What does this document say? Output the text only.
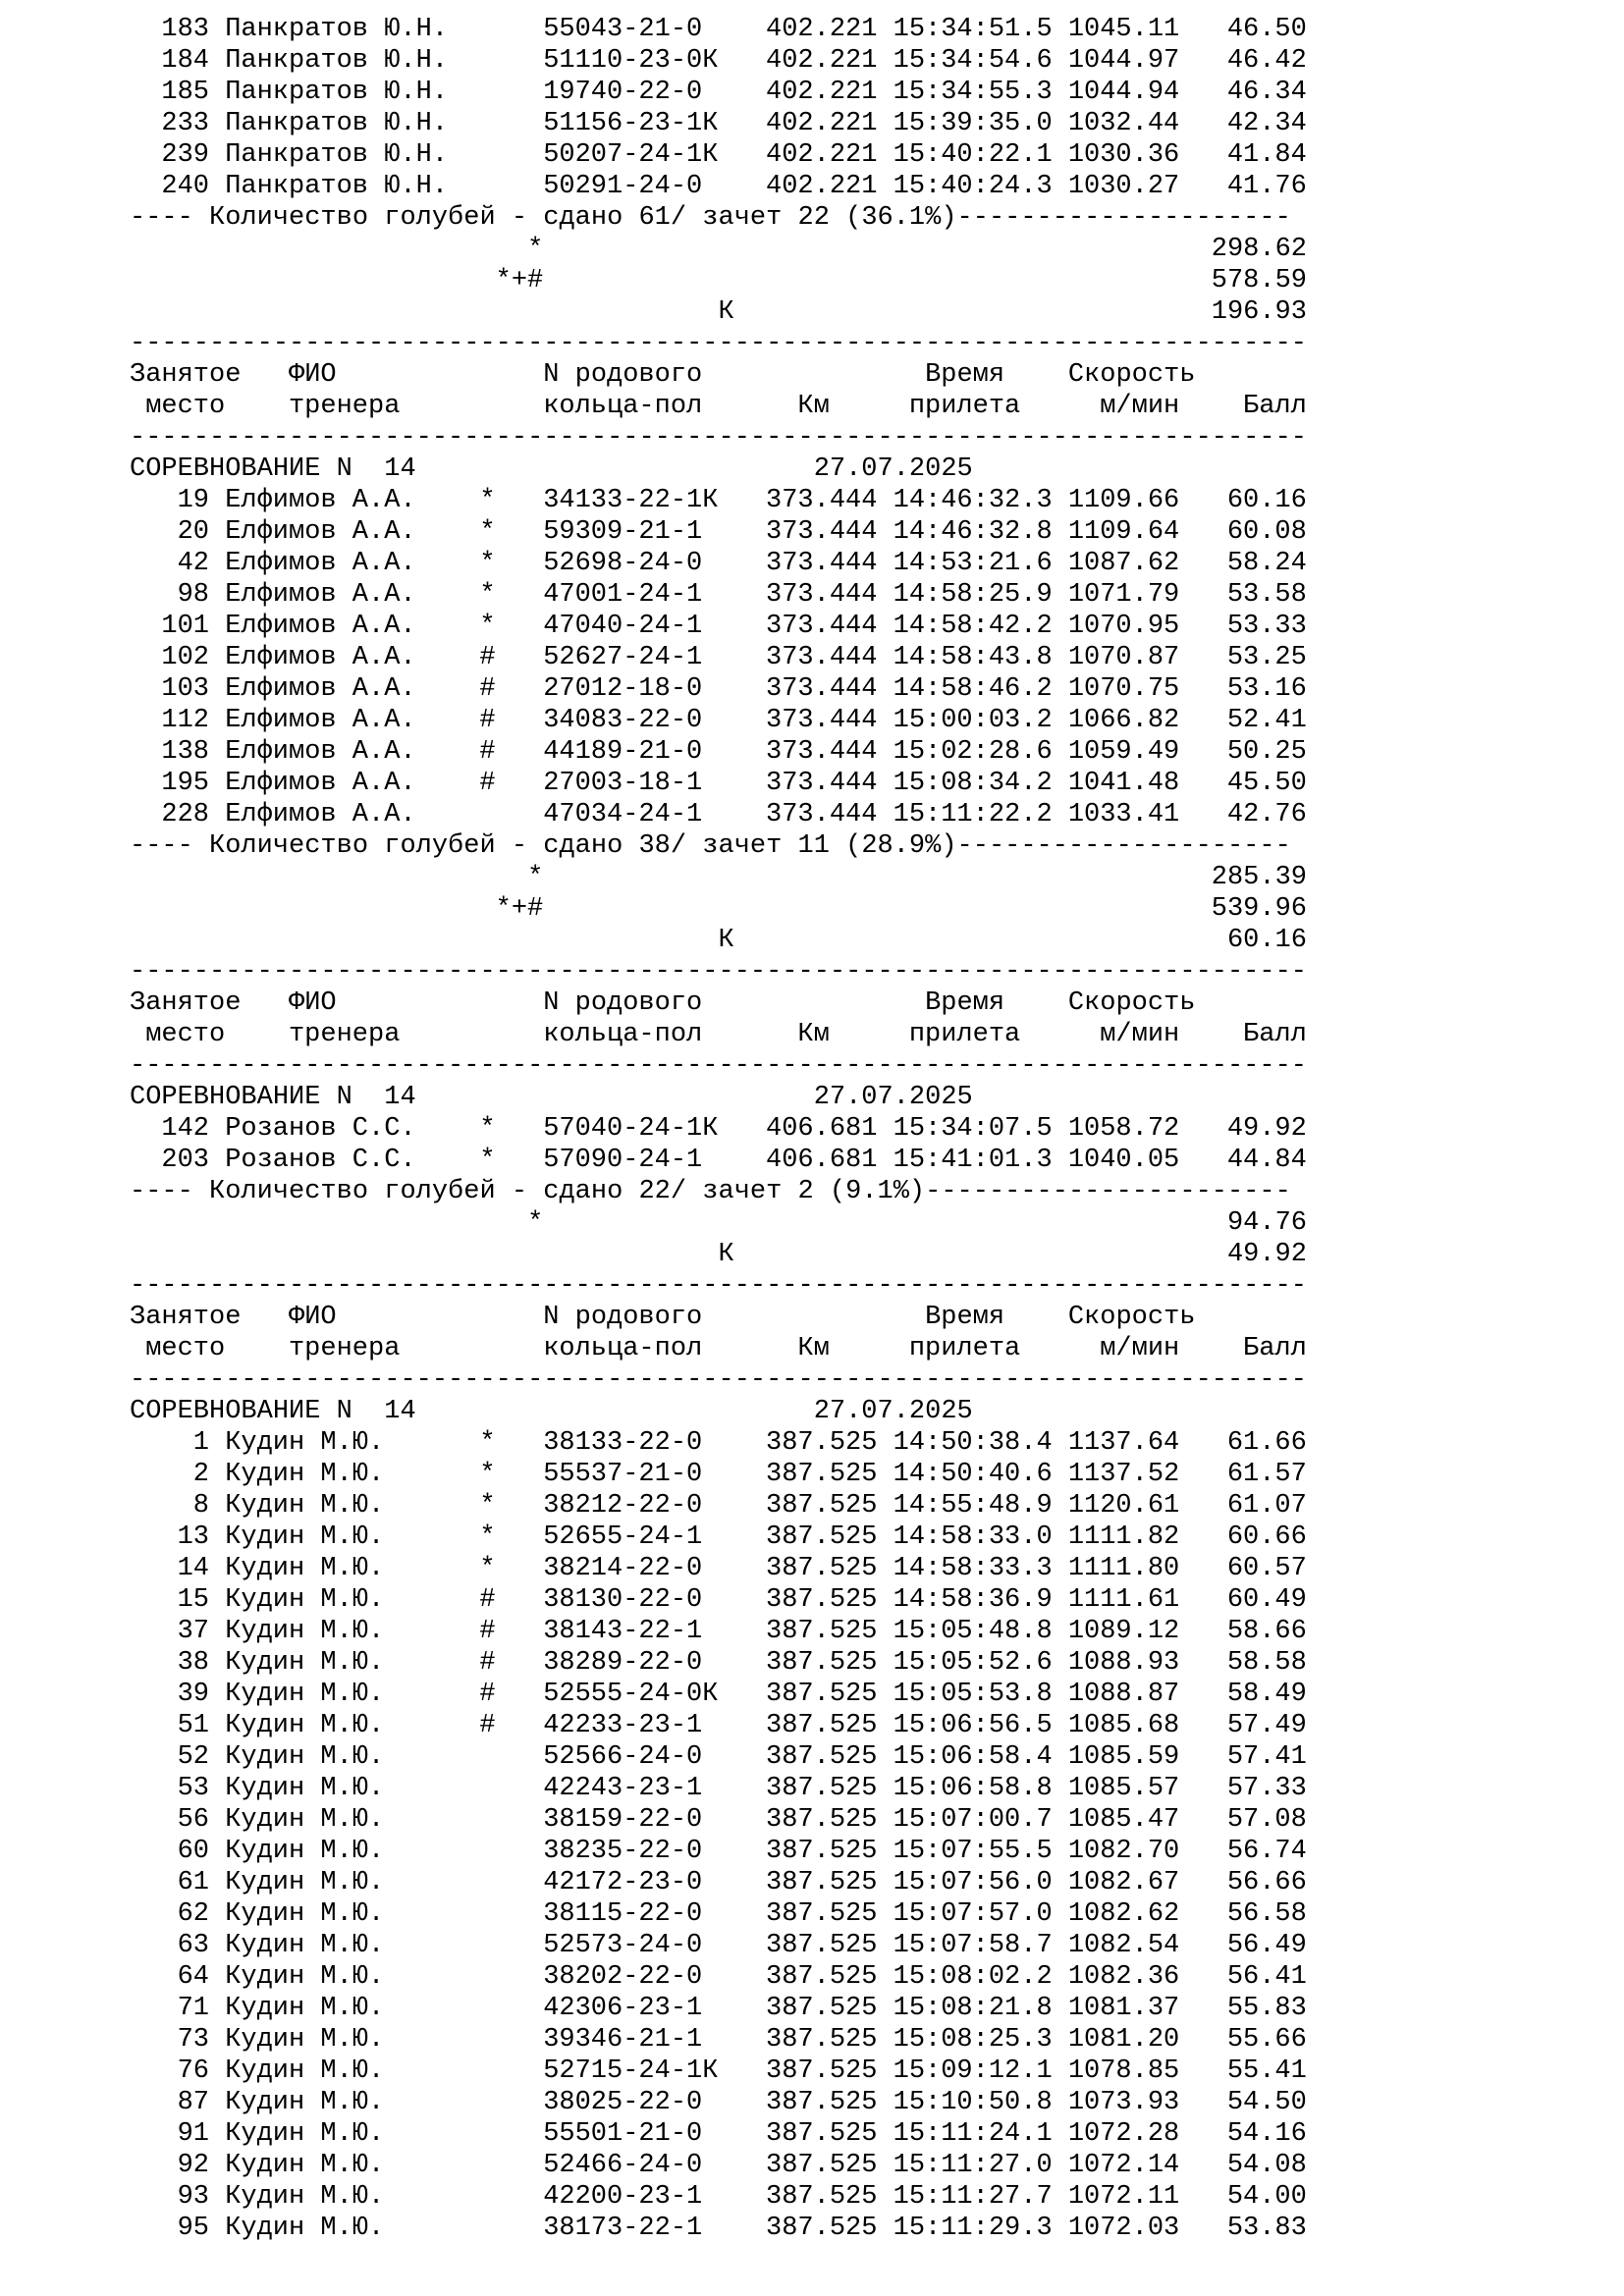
183 Панкратов Ю.Н.	55043-21-0 402.221 15:34:51.5 1045.11 46.50
184 Панкратов Ю.Н.	51110-23-0К 402.221 15:34:54.6 1044.97 46.42
185 Панкратов Ю.Н.	19740-22-0 402.221 15:34:55.3 1044.94 46.34
233 Панкратов Ю.Н.	51156-23-1К 402.221 15:39:35.0 1032.44 42.34
239 Панкратов Ю.Н.	50207-24-1К 402.221 15:40:22.1 1030.36 41.84
240 Панкратов Ю.Н.	50291-24-0 402.221 15:40:24.3 1030.27 41.76
---- Количество голубей - сдано 61/ зачет 22 (36.1%)---------------------
*	298.62
*+#	578.59
К	196.93
--------------------------------------------------------------------------
Занятое ФИО	N родового	Время Скорость
место тренера	кольца-пол	Км	прилета	м/мин Балл
--------------------------------------------------------------------------
СОРЕВНОВАНИЕ N  14	27.07.2025
19 Елфимов А.А. * 34133-22-1К 373.444 14:46:32.3 1109.66 60.16
20 Елфимов А.А. * 59309-21-1 373.444 14:46:32.8 1109.64 60.08
42 Елфимов А.А. * 52698-24-0 373.444 14:53:21.6 1087.62 58.24
98 Елфимов А.А. * 47001-24-1 373.444 14:58:25.9 1071.79 53.58
101 Елфимов А.А. * 47040-24-1 373.444 14:58:42.2 1070.95 53.33
102 Елфимов А.А. # 52627-24-1 373.444 14:58:43.8 1070.87 53.25
103 Елфимов А.А. # 27012-18-0 373.444 14:58:46.2 1070.75 53.16
112 Елфимов А.А. # 34083-22-0 373.444 15:00:03.2 1066.82 52.41
138 Елфимов А.А. # 44189-21-0 373.444 15:02:28.6 1059.49 50.25
195 Елфимов А.А. # 27003-18-1 373.444 15:08:34.2 1041.48 45.50
228 Елфимов А.А.	47034-24-1 373.444 15:11:22.2 1033.41 42.76
---- Количество голубей - сдано 38/ зачет 11 (28.9%)---------------------
*	285.39
*+#	539.96
К	60.16
--------------------------------------------------------------------------
Занятое ФИО	N родового	Время Скорость
место тренера	кольца-пол	Км	прилета	м/мин Балл
--------------------------------------------------------------------------
СОРЕВНОВАНИЕ N  14	27.07.2025
142 Розанов С.С. * 57040-24-1К 406.681 15:34:07.5 1058.72 49.92
203 Розанов С.С. * 57090-24-1 406.681 15:41:01.3 1040.05 44.84
---- Количество голубей - сдано 22/ зачет 2 (9.1%)-----------------------
*	94.76
К	49.92
--------------------------------------------------------------------------
Занятое ФИО	N родового	Время Скорость
место тренера	кольца-пол	Км	прилета	м/мин Балл
--------------------------------------------------------------------------
СОРЕВНОВАНИЕ N  14	27.07.2025
1 Кудин М.Ю.	* 38133-22-0 387.525 14:50:38.4 1137.64 61.66
2 Кудин М.Ю.	* 55537-21-0 387.525 14:50:40.6 1137.52 61.57
8 Кудин М.Ю.	* 38212-22-0 387.525 14:55:48.9 1120.61 61.07
13 Кудин М.Ю.	* 52655-24-1 387.525 14:58:33.0 1111.82 60.66
14 Кудин М.Ю.	* 38214-22-0 387.525 14:58:33.3 1111.80 60.57
15 Кудин М.Ю.	# 38130-22-0 387.525 14:58:36.9 1111.61 60.49
37 Кудин М.Ю.	# 38143-22-1 387.525 15:05:48.8 1089.12 58.66
38 Кудин М.Ю.	# 38289-22-0 387.525 15:05:52.6 1088.93 58.58
39 Кудин М.Ю.	# 52555-24-0К 387.525 15:05:53.8 1088.87 58.49
51 Кудин М.Ю.	# 42233-23-1 387.525 15:06:56.5 1085.68 57.49
52 Кудин М.Ю.	52566-24-0 387.525 15:06:58.4 1085.59 57.41
53 Кудин М.Ю.	42243-23-1 387.525 15:06:58.8 1085.57 57.33
56 Кудин М.Ю.	38159-22-0 387.525 15:07:00.7 1085.47 57.08
60 Кудин М.Ю.	38235-22-0 387.525 15:07:55.5 1082.70 56.74
61 Кудин М.Ю.	42172-23-0 387.525 15:07:56.0 1082.67 56.66
62 Кудин М.Ю.	38115-22-0 387.525 15:07:57.0 1082.62 56.58
63 Кудин М.Ю.	52573-24-0 387.525 15:07:58.7 1082.54 56.49
64 Кудин М.Ю.	38202-22-0 387.525 15:08:02.2 1082.36 56.41
71 Кудин М.Ю.	42306-23-1 387.525 15:08:21.8 1081.37 55.83
73 Кудин М.Ю.	39346-21-1 387.525 15:08:25.3 1081.20 55.66
76 Кудин М.Ю.	52715-24-1К 387.525 15:09:12.1 1078.85 55.41
87 Кудин М.Ю.	38025-22-0 387.525 15:10:50.8 1073.93 54.50
91 Кудин М.Ю.	55501-21-0 387.525 15:11:24.1 1072.28 54.16
92 Кудин М.Ю.	52466-24-0 387.525 15:11:27.0 1072.14 54.08
93 Кудин М.Ю.	42200-23-1 387.525 15:11:27.7 1072.11 54.00
95 Кудин М.Ю.	38173-22-1 387.525 15:11:29.3 1072.03 53.83
